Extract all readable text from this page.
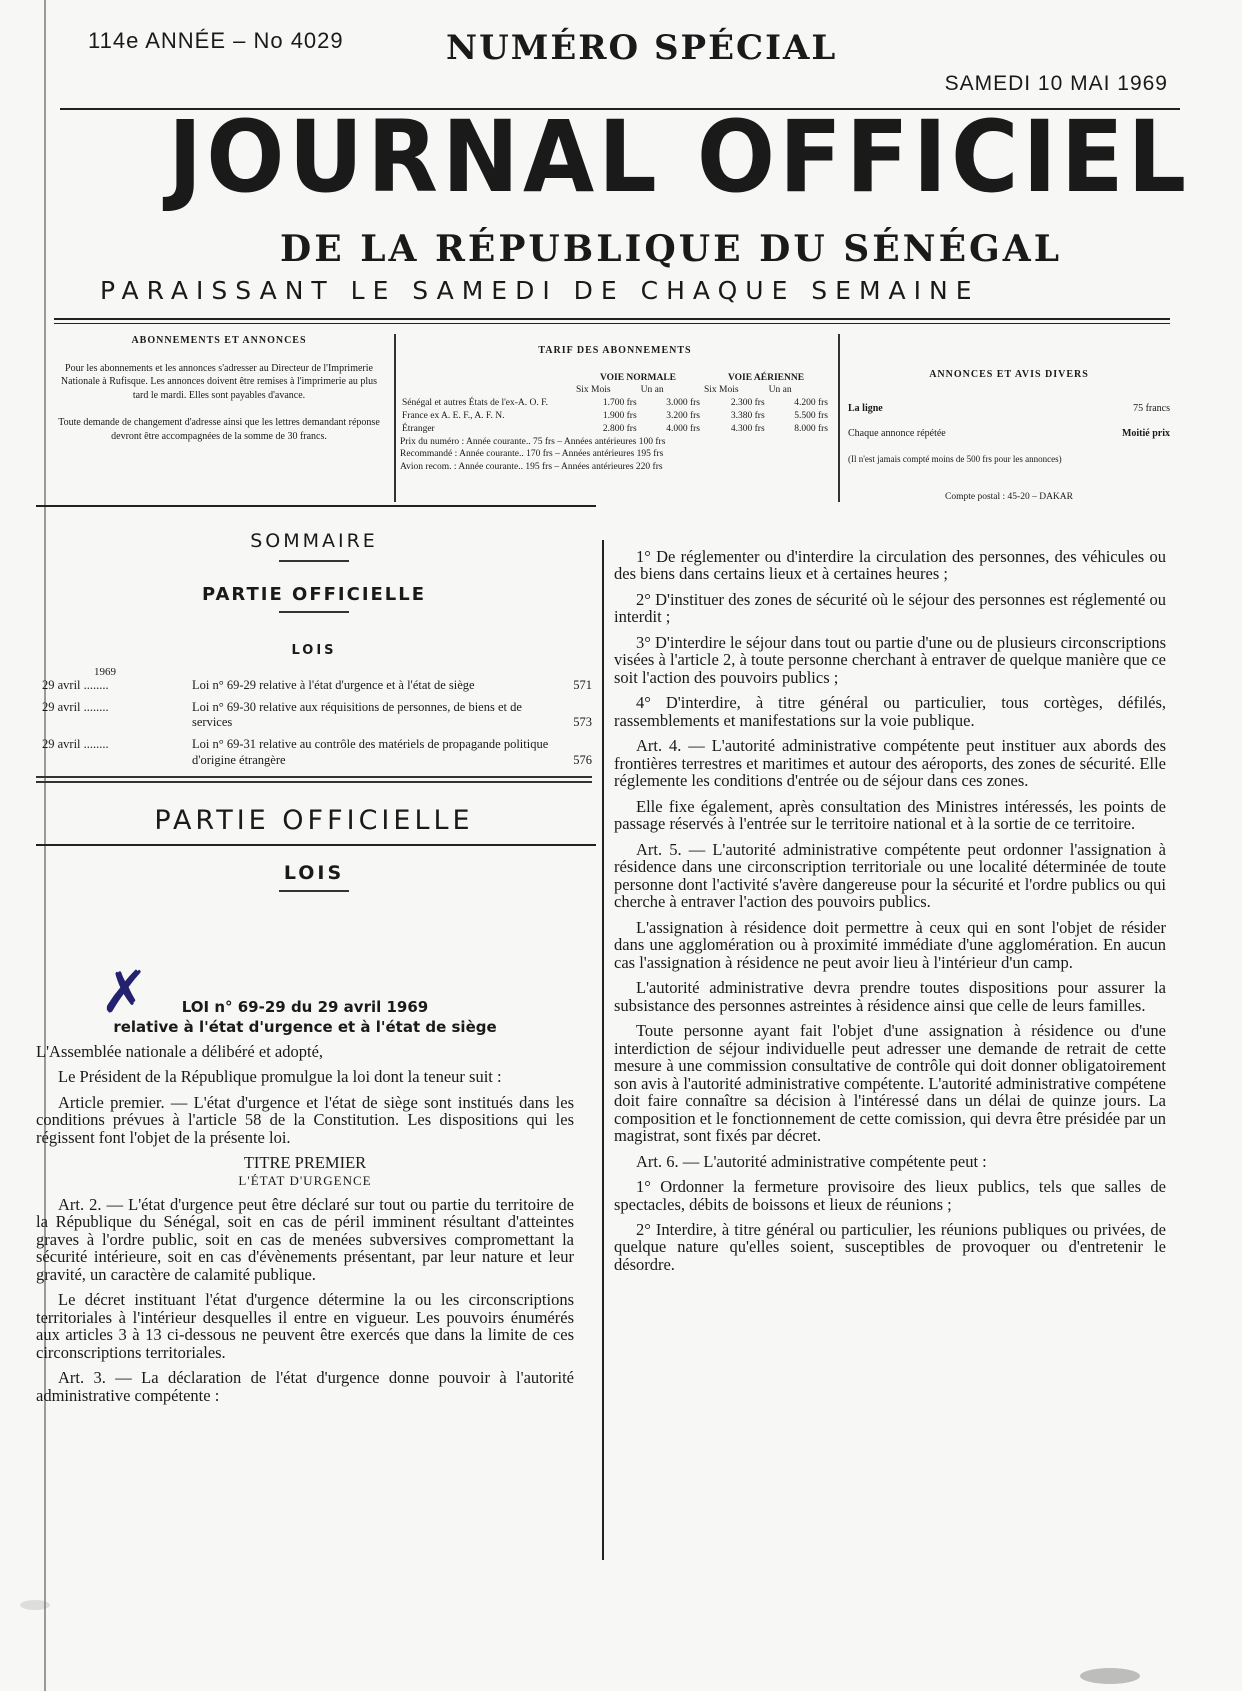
114e ANNÉE – No 4029	NUMÉRO SPÉCIAL
SAMEDI 10 MAI 1969
JOURNAL OFFICIEL
DE LA RÉPUBLIQUE DU SÉNÉGAL
PARAISSANT LE SAMEDI DE CHAQUE SEMAINE
ABONNEMENTS ET ANNONCES
Pour les abonnements et les annonces s'adresser au Directeur de l'Imprimerie Nationale à Rufisque. Les annonces doivent être remises à l'imprimerie au plus tard le mardi. Elles sont payables d'avance.
Toute demande de changement d'adresse ainsi que les lettres demandant réponse devront être accompagnées de la somme de 30 francs.
TARIF DES ABONNEMENTS
	VOIE NORMALE		VOIE AÉRIENNE	
	Six Mois	Un an	Six Mois	Un an
Sénégal et autres États de l'ex-A. O. F.	1.700 frs	3.000 frs	2.300 frs	4.200 frs
France ex A. E. F., A. F. N.	1.900 frs	3.200 frs	3.380 frs	5.500 frs
Étranger	2.800 frs	4.000 frs	4.300 frs	8.000 frs
Prix du numéro : Année courante.. 75 frs – Années antérieures 100 frs
Recommandé : Année courante.. 170 frs – Années antérieures 195 frs
Avion recom. : Année courante.. 195 frs – Années antérieures 220 frs
ANNONCES ET AVIS DIVERS
La ligne	75 francs
Chaque annonce répétée	Moitié prix
(Il n'est jamais compté moins de 500 frs pour les annonces)
Compte postal : 45-20 – DAKAR
SOMMAIRE
PARTIE OFFICIELLE
LOIS
1969
29 avril ........	Loi n° 69-29 relative à l'état d'urgence et à l'état de siège	571
29 avril ........	Loi n° 69-30 relative aux réquisitions de personnes, de biens et de services	573
29 avril ........	Loi n° 69-31 relative au contrôle des matériels de propagande politique d'origine étrangère	576
PARTIE OFFICIELLE
LOIS
✗	LOI n° 69-29 du 29 avril 1969
relative à l'état d'urgence et à l'état de siège

L'Assemblée nationale a délibéré et adopté,

Le Président de la République promulgue la loi dont la teneur suit :

Article premier. — L'état d'urgence et l'état de siège sont institués dans les conditions prévues à l'article 58 de la Constitution. Les dispositions qui les régissent font l'objet de la présente loi.

TITRE PREMIER

L'ÉTAT D'URGENCE

Art. 2. — L'état d'urgence peut être déclaré sur tout ou partie du territoire de la République du Sénégal, soit en cas de péril imminent résultant d'atteintes graves à l'ordre public, soit en cas de menées subversives compromettant la sécurité intérieure, soit en cas d'évènements présentant, par leur nature et leur gravité, un caractère de calamité publique.

Le décret instituant l'état d'urgence détermine la ou les circonscriptions territoriales à l'intérieur desquelles il entre en vigueur. Les pouvoirs énumérés aux articles 3 à 13 ci-dessous ne peuvent être exercés que dans la limite de ces circonscriptions territoriales.

Art. 3. — La déclaration de l'état d'urgence donne pouvoir à l'autorité administrative compétente :

1° De réglementer ou d'interdire la circulation des personnes, des véhicules ou des biens dans certains lieux et à certaines heures ;

2° D'instituer des zones de sécurité où le séjour des personnes est réglementé ou interdit ;

3° D'interdire le séjour dans tout ou partie d'une ou de plusieurs circonscriptions visées à l'article 2, à toute personne cherchant à entraver de quelque manière que ce soit l'action des pouvoirs publics ;

4° D'interdire, à titre général ou particulier, tous cortèges, défilés, rassemblements et manifestations sur la voie publique.

Art. 4. — L'autorité administrative compétente peut instituer aux abords des frontières terrestres et maritimes et autour des aéroports, des zones de sécurité. Elle réglemente les conditions d'entrée ou de séjour dans ces zones.

Elle fixe également, après consultation des Ministres intéressés, les points de passage réservés à l'entrée sur le territoire national et à la sortie de ce territoire.

Art. 5. — L'autorité administrative compétente peut ordonner l'assignation à résidence dans une circonscription territoriale ou une localité déterminée de toute personne dont l'activité s'avère dangereuse pour la sécurité et l'ordre publics ou qui cherche à entraver l'action des pouvoirs publics.

L'assignation à résidence doit permettre à ceux qui en sont l'objet de résider dans une agglomération ou à proximité immédiate d'une agglomération. En aucun cas l'assignation à résidence ne peut avoir lieu à l'intérieur d'un camp.

L'autorité administrative devra prendre toutes dispositions pour assurer la subsistance des personnes astreintes à résidence ainsi que celle de leurs familles.

Toute personne ayant fait l'objet d'une assignation à résidence ou d'une interdiction de séjour individuelle peut adresser une demande de retrait de cette mesure à une commission consultative de contrôle qui doit donner obligatoirement son avis à l'autorité administrative compétente. L'autorité administrative compétene doit faire connaître sa décision à l'intéressé dans un délai de quinze jours. La composition et le fonctionnement de cette comission, qui devra être présidée par un magistrat, sont fixés par décret.

Art. 6. — L'autorité administrative compétente peut :

1° Ordonner la fermeture provisoire des lieux publics, tels que salles de spectacles, débits de boissons et lieux de réunions ;

2° Interdire, à titre général ou particulier, les réunions publiques ou privées, de quelque nature qu'elles soient, susceptibles de provoquer ou d'entretenir le désordre.
